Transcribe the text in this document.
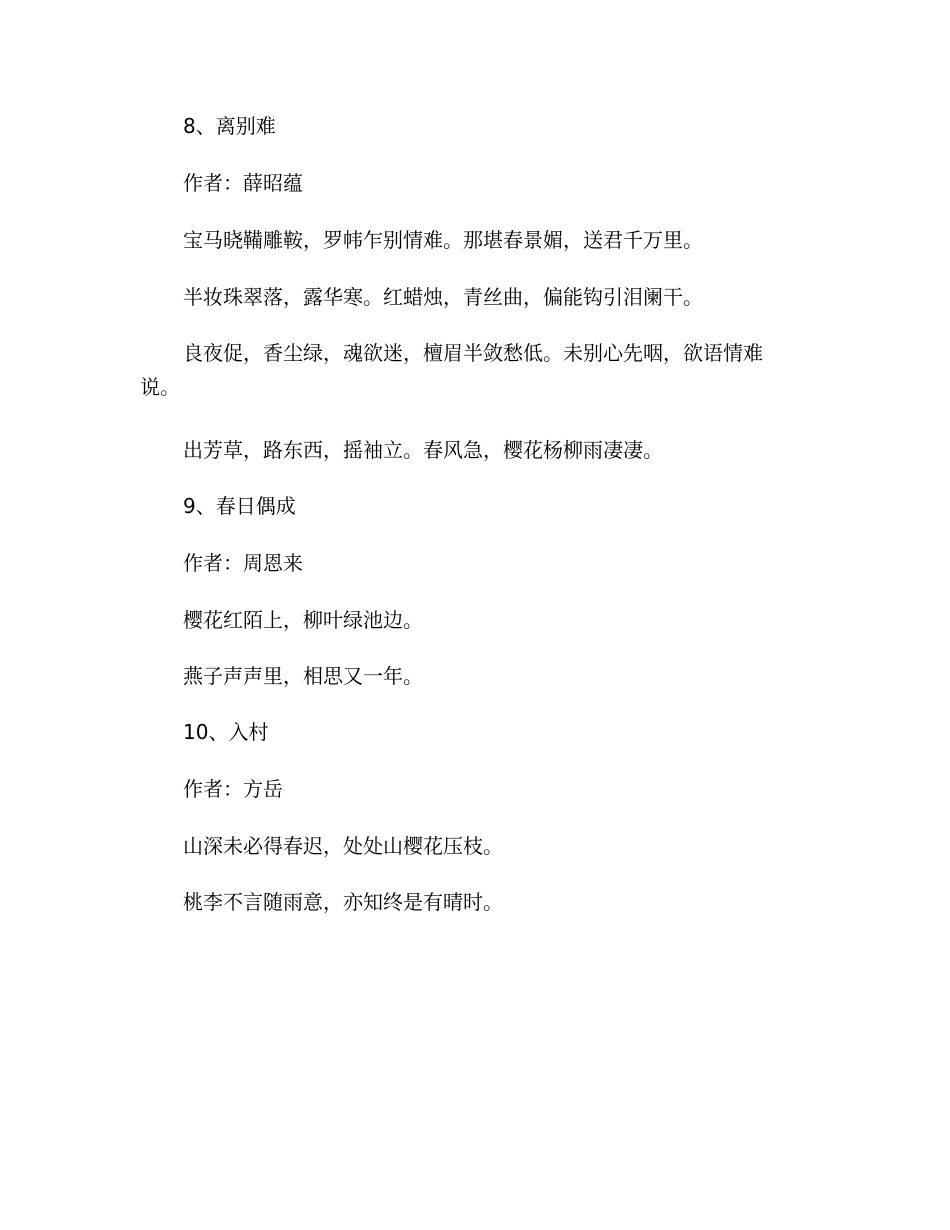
8、离别难

作者：薛昭蕴

宝马晓鞴雕鞍，罗帏乍别情难。那堪春景媚，送君千万里。

半妆珠翠落，露华寒。红蜡烛，青丝曲，偏能钩引泪阑干。

良夜促，香尘绿，魂欲迷，檀眉半敛愁低。未别心先咽，欲语情难说。

出芳草，路东西，摇袖立。春风急，樱花杨柳雨凄凄。

9、春日偶成

作者：周恩来

樱花红陌上，柳叶绿池边。

燕子声声里，相思又一年。

10、入村

作者：方岳

山深未必得春迟，处处山樱花压枝。

桃李不言随雨意，亦知终是有晴时。
